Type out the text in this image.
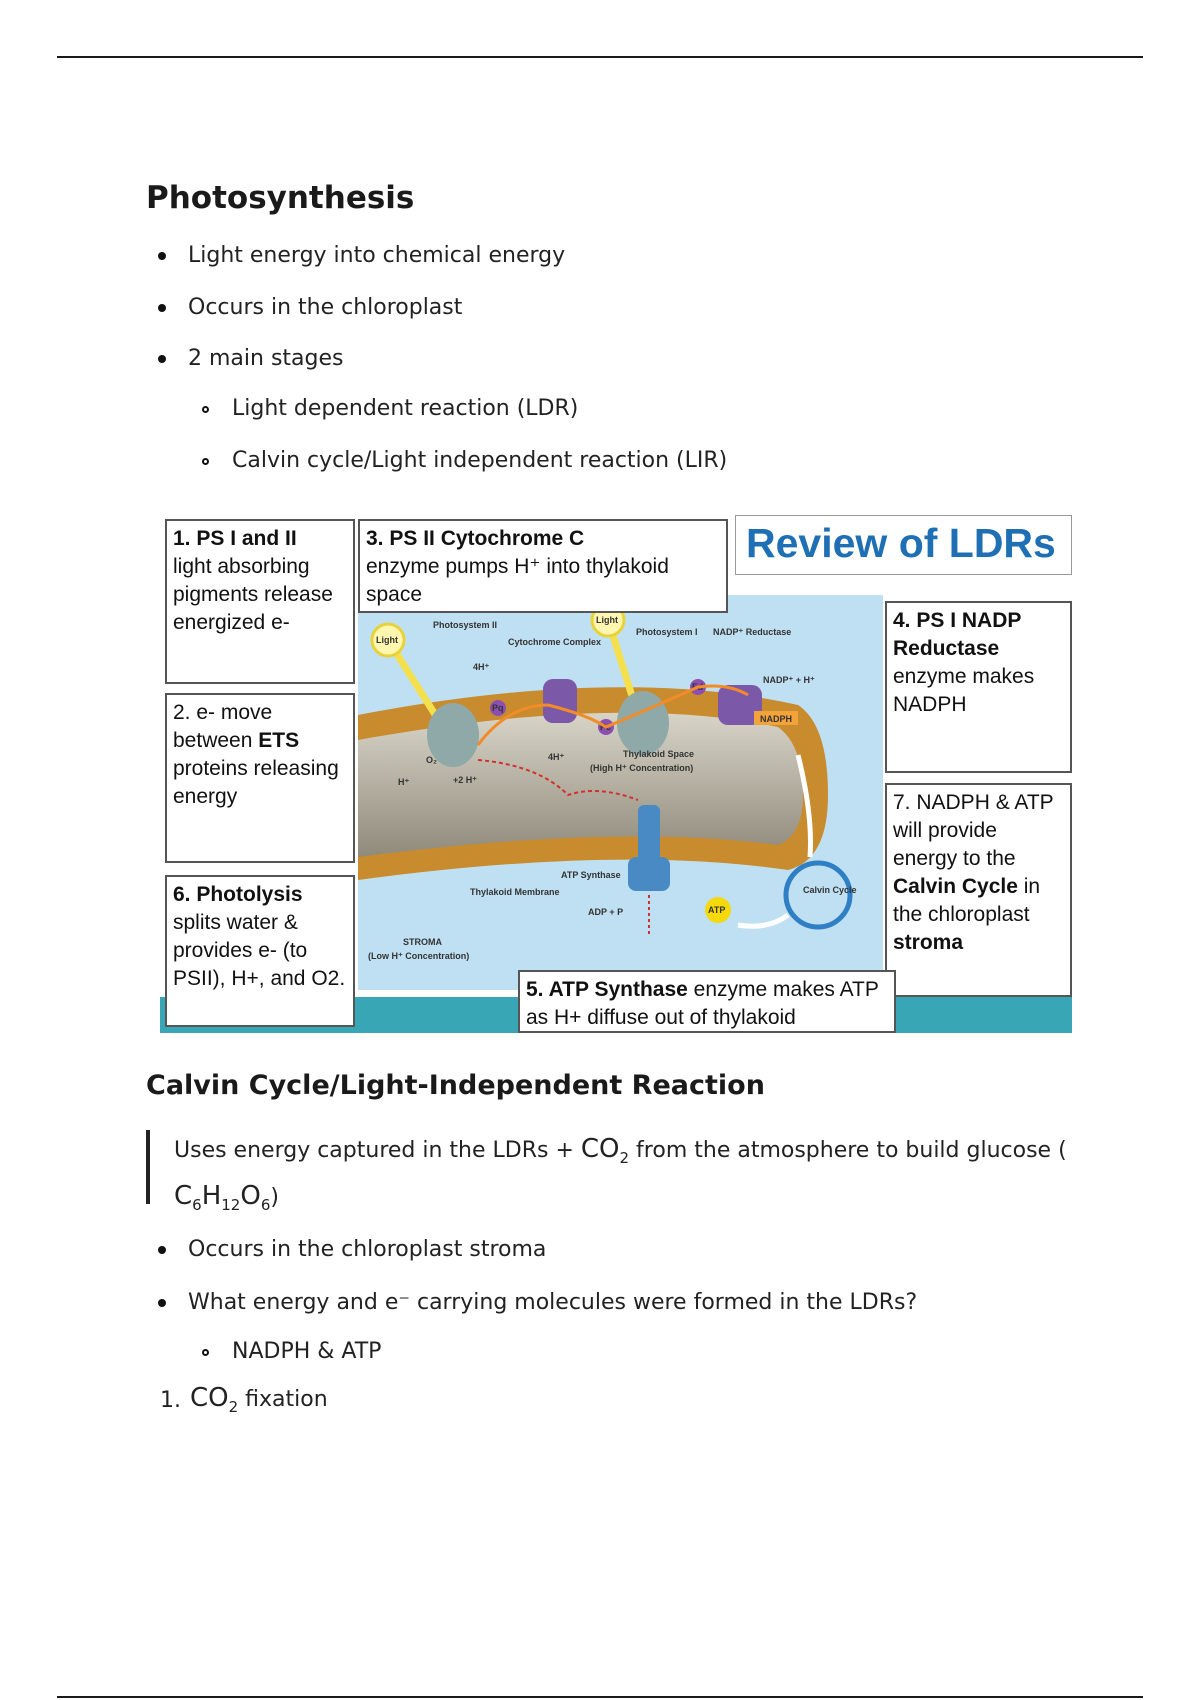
Photosynthesis
Light energy into chemical energy
Occurs in the chloroplast
2 main stages
Light dependent reaction (LDR)
Calvin cycle/Light independent reaction (LIR)
Light
Light
Pq
Pc
Fd
ATP
ADP + P
ATP Synthase
Calvin Cycle
Photosystem II
Cytochrome Complex
Photosystem I NADP⁺ Reductase
NADP⁺ + H⁺
NADPH
4H⁺
4H⁺
+2 H⁺
Thylakoid Space
(High H⁺ Concentration)
Thylakoid Membrane
STROMA
(Low H⁺ Concentration)
H⁺
O₂
1. PS I and II
light absorbing pigments release energized e-
2. e- move between ETS proteins releasing energy
3. PS II Cytochrome C
enzyme pumps H⁺ into thylakoid space
Review of LDRs
4. PS I NADP Reductase
enzyme makes NADPH
7. NADPH & ATP will provide energy to the Calvin Cycle in the chloroplast stroma
6. Photolysis
splits water & provides e- (to PSII), H+, and O2.	5. ATP Synthase enzyme makes ATP as H+ diffuse out of thylakoid
Calvin Cycle/Light-Independent Reaction
Uses energy captured in the LDRs + $CO_2$ from the atmosphere to build glucose (
$C_6H_{12}O_6$)
Occurs in the chloroplast stroma
What energy and e⁻ carrying molecules were formed in the LDRs?
NADPH & ATP
1. $CO_2$ fixation
